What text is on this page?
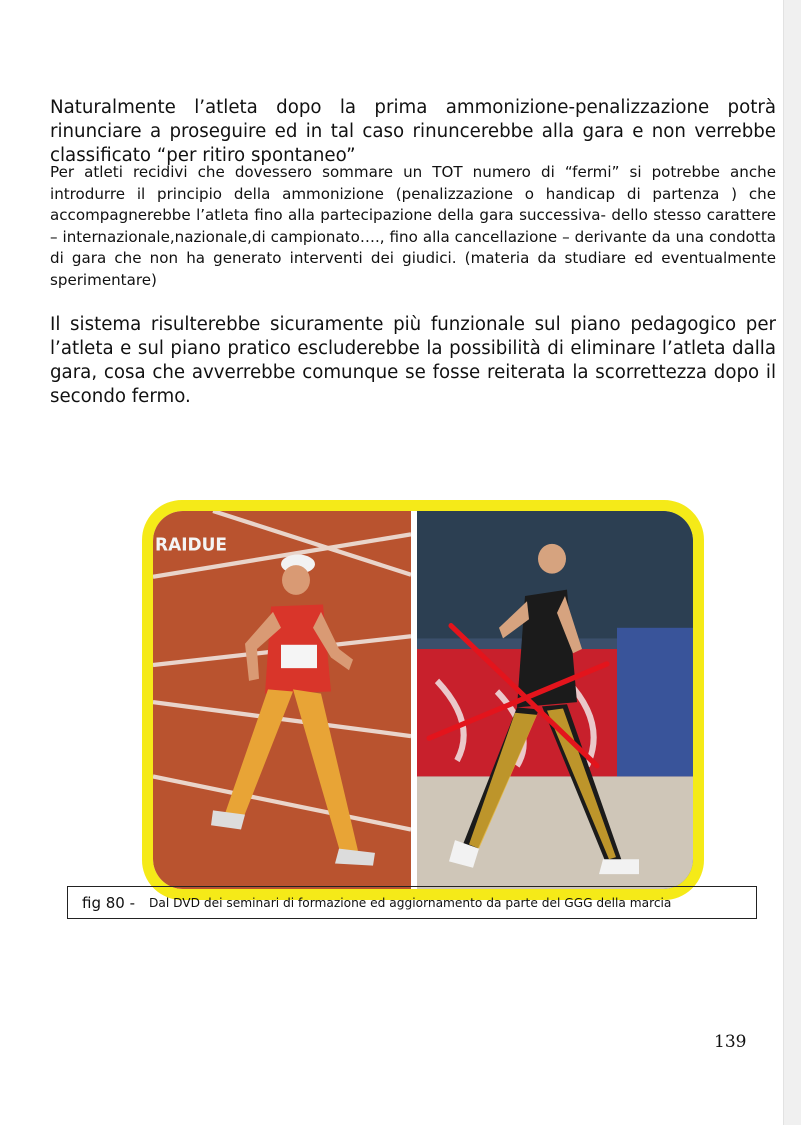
Naturalmente l’atleta dopo la prima ammonizione-penalizzazione potrà rinunciare a proseguire ed in tal caso rinuncerebbe alla gara e non verrebbe classificato “per ritiro spontaneo”

Per atleti recidivi che dovessero sommare un TOT numero di “fermi” si potrebbe anche introdurre il principio della ammonizione (penalizzazione o handicap di partenza ) che accompagnerebbe l’atleta fino alla partecipazione della gara successiva- dello stesso carattere – internazionale,nazionale,di campionato…., fino alla cancellazione – derivante da una condotta di gara che non ha generato interventi dei giudici. (materia da studiare ed eventualmente sperimentare)

Il sistema risulterebbe sicuramente più funzionale sul piano pedagogico per l’atleta e sul piano pratico escluderebbe la possibilità di eliminare l’atleta dalla gara, cosa che avverrebbe comunque se fosse reiterata la scorrettezza dopo il secondo fermo.

RAIDUE
fig 80 - Dal DVD dei seminari di formazione ed aggiornamento da parte del GGG della marcia
139
